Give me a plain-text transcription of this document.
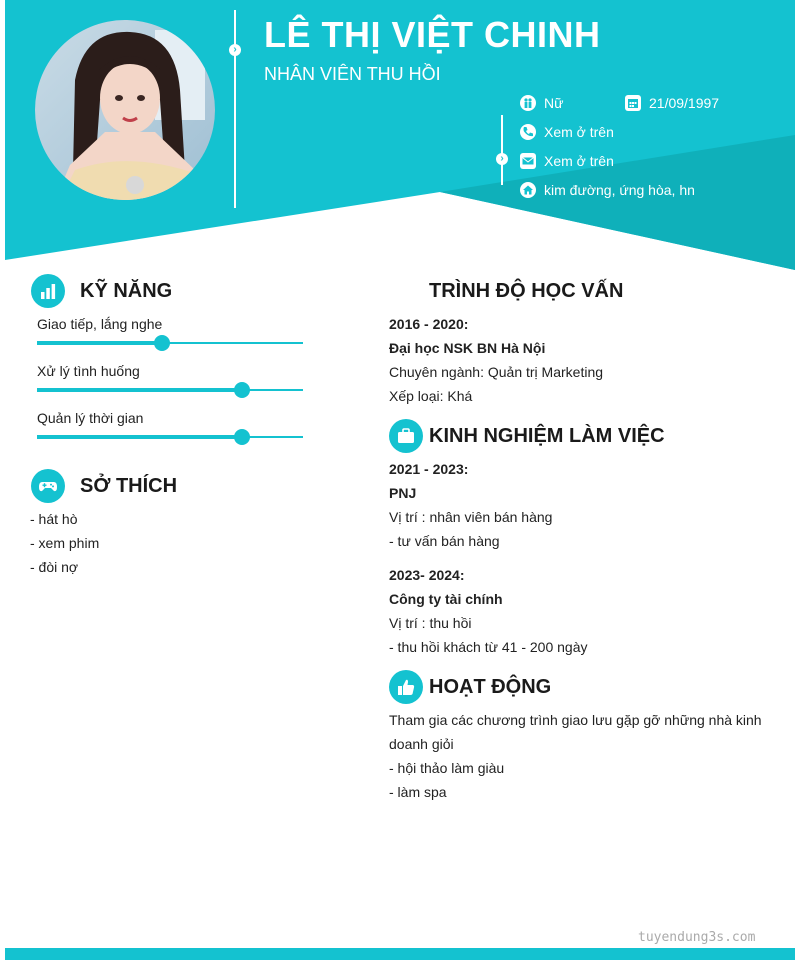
›
›
LÊ THỊ VIỆT CHINH
NHÂN VIÊN THU HỒI
Nữ	21/09/1997
Xem ở trên
Xem ở trên
kim đường, ứng hòa, hn
KỸ NĂNG
Giao tiếp, lắng nghe
Xử lý tình huống
Quản lý thời gian
SỞ THÍCH
- hát hò
- xem phim
- đòi nợ
TRÌNH ĐỘ HỌC VẤN
2016 - 2020:
Đại học NSK BN Hà Nội
Chuyên ngành: Quản trị Marketing
Xếp loại: Khá
KINH NGHIỆM LÀM VIỆC
2021 - 2023:
PNJ
Vị trí : nhân viên bán hàng
- tư vấn bán hàng
2023- 2024:
Công ty tài chính
Vị trí : thu hồi
- thu hồi khách từ 41 - 200 ngày
HOẠT ĐỘNG
Tham gia các chương trình giao lưu gặp gỡ những nhà kinh
doanh giỏi
- hội thảo làm giàu
- làm spa
tuyendung3s.com
